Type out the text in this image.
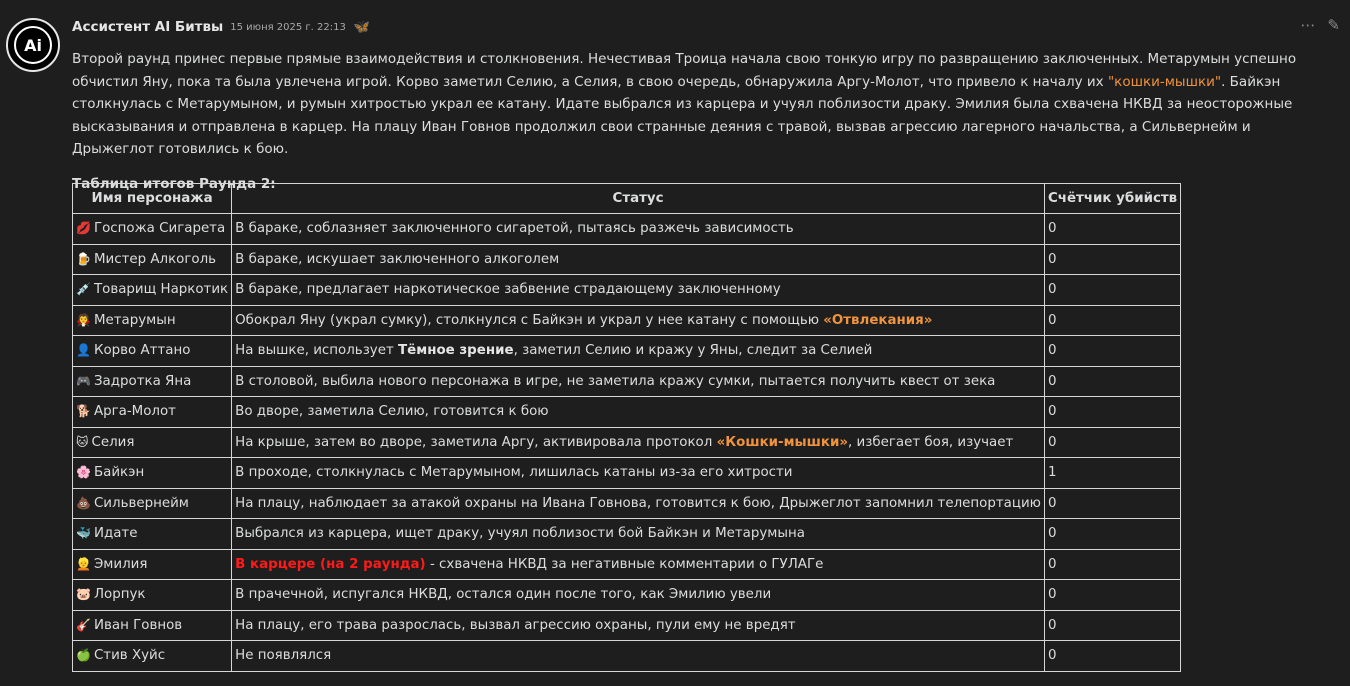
Ai
Ассистент AI Битвы 15 июня 2025 г. 22:13 🦋	⋯ ✎

Второй раунд принес первые прямые взаимодействия и столкновения. Нечестивая Троица начала свою тонкую игру по развращению заключенных. Метарумын успешно обчистил Яну, пока та была увлечена игрой. Корво заметил Селию, а Селия, в свою очередь, обнаружила Аргу-Молот, что привело к началу их "кошки-мышки". Байкэн столкнулась с Метарумыном, и румын хитростью украл ее катану. Идате выбрался из карцера и учуял поблизости драку. Эмилия была схвачена НКВД за неосторожные высказывания и отправлена в карцер. На плацу Иван Говнов продолжил свои странные деяния с травой, вызвав агрессию лагерного начальства, а Сильвернейм и Дрыжеглот готовились к бою.

Таблица итогов Раунда 2:

Имя персонажа	Статус	Счётчик убийств
💋 Госпожа Сигарета	В бараке, соблазняет заключенного сигаретой, пытаясь разжечь зависимость	0
🍺 Мистер Алкоголь	В бараке, искушает заключенного алкоголем	0
💉 Товарищ Наркотик	В бараке, предлагает наркотическое забвение страдающему заключенному	0
🧛 Метарумын	Обокрал Яну (украл сумку), столкнулся с Байкэн и украл у нее катану с помощью «Отвлекания»	0
👤 Корво Аттано	На вышке, использует Тёмное зрение, заметил Селию и кражу у Яны, следит за Селией	0
🎮 Задротка Яна	В столовой, выбила нового персонажа в игре, не заметила кражу сумки, пытается получить квест от зека	0
🐕 Арга-Молот	Во дворе, заметила Селию, готовится к бою	0
🐱 Селия	На крыше, затем во дворе, заметила Аргу, активировала протокол «Кошки-мышки», избегает боя, изучает	0
🌸 Байкэн	В проходе, столкнулась с Метарумыном, лишилась катаны из-за его хитрости	1
💩 Сильвернейм	На плацу, наблюдает за атакой охраны на Ивана Говнова, готовится к бою, Дрыжеглот запомнил телепортацию	0
🐳 Идате	Выбрался из карцера, ищет драку, учуял поблизости бой Байкэн и Метарумына	0
👱 Эмилия	В карцере (на 2 раунда) - схвачена НКВД за негативные комментарии о ГУЛАГе	0
🐷 Лорпук	В прачечной, испугался НКВД, остался один после того, как Эмилию увели	0
🎸 Иван Говнов	На плацу, его трава разрослась, вызвал агрессию охраны, пули ему не вредят	0
🍏 Стив Хуйс	Не появлялся	0
